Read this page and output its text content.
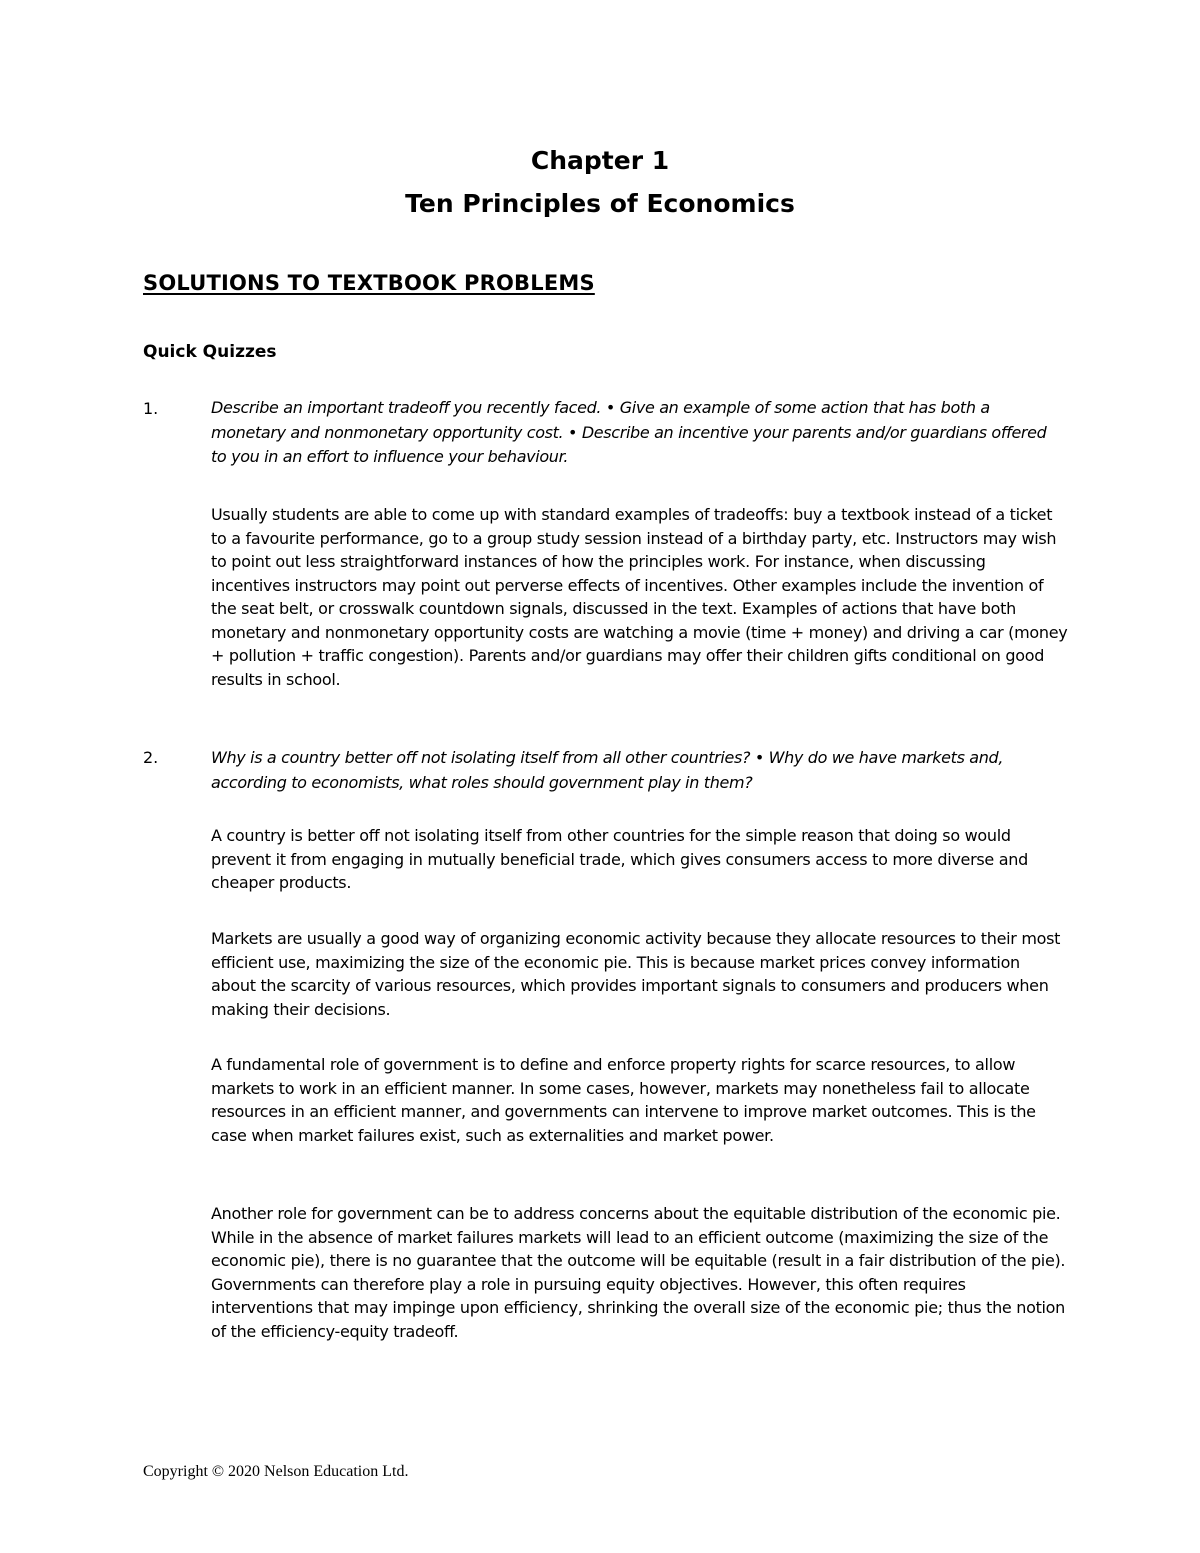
Chapter 1
Ten Principles of Economics
SOLUTIONS TO TEXTBOOK PROBLEMS
Quick Quizzes
1.	Describe an important tradeoff you recently faced. • Give an example of some action that has both a monetary and nonmonetary opportunity cost. • Describe an incentive your parents and/or guardians offered to you in an effort to influence your behaviour.

Usually students are able to come up with standard examples of tradeoffs: buy a textbook instead of a ticket to a favourite performance, go to a group study session instead of a birthday party, etc. Instructors may wish to point out less straightforward instances of how the principles work. For instance, when discussing incentives instructors may point out perverse effects of incentives. Other examples include the invention of the seat belt, or crosswalk countdown signals, discussed in the text. Examples of actions that have both monetary and nonmonetary opportunity costs are watching a movie (time + money) and driving a car (money + pollution + traffic congestion). Parents and/or guardians may offer their children gifts conditional on good results in school.

2.	Why is a country better off not isolating itself from all other countries? • Why do we have markets and, according to economists, what roles should government play in them?

A country is better off not isolating itself from other countries for the simple reason that doing so would prevent it from engaging in mutually beneficial trade, which gives consumers access to more diverse and cheaper products.

Markets are usually a good way of organizing economic activity because they allocate resources to their most efficient use, maximizing the size of the economic pie. This is because market prices convey information about the scarcity of various resources, which provides important signals to consumers and producers when making their decisions.

A fundamental role of government is to define and enforce property rights for scarce resources, to allow markets to work in an efficient manner. In some cases, however, markets may nonetheless fail to allocate resources in an efficient manner, and governments can intervene to improve market outcomes. This is the case when market failures exist, such as externalities and market power.

Another role for government can be to address concerns about the equitable distribution of the economic pie. While in the absence of market failures markets will lead to an efficient outcome (maximizing the size of the economic pie), there is no guarantee that the outcome will be equitable (result in a fair distribution of the pie). Governments can therefore play a role in pursuing equity objectives. However, this often requires interventions that may impinge upon efficiency, shrinking the overall size of the economic pie; thus the notion of the efficiency-equity tradeoff.

Copyright © 2020 Nelson Education Ltd.
